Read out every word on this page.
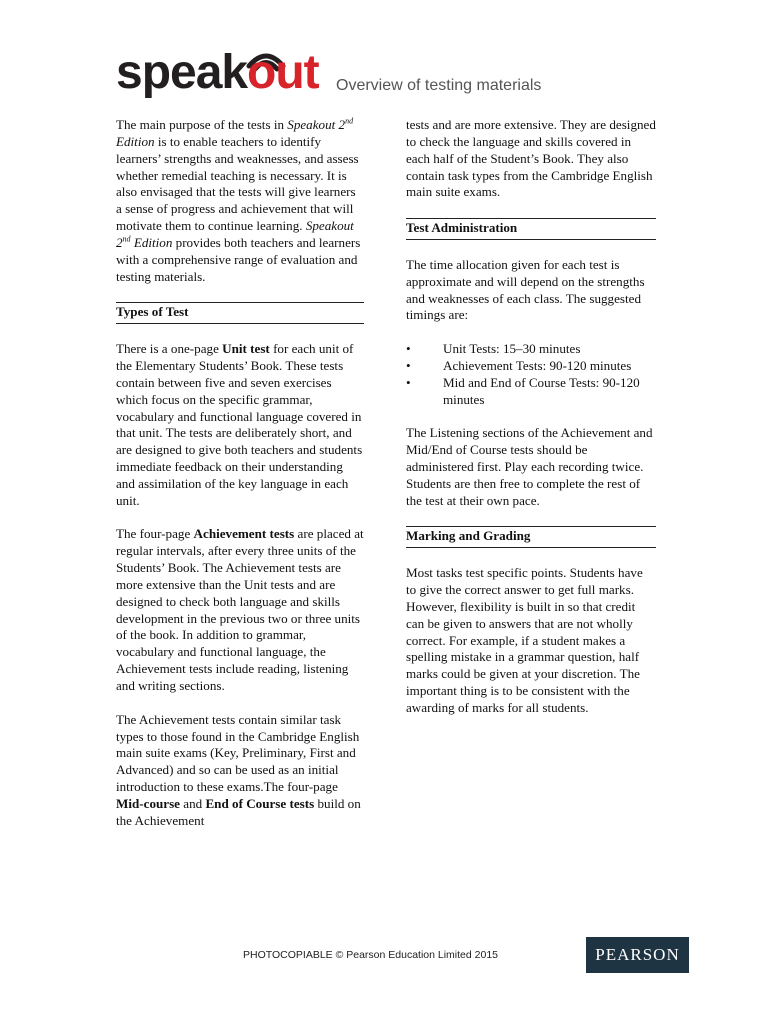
speak out Overview of testing materials

The main purpose of the tests in Speakout 2nd Edition is to enable teachers to identify learners’ strengths and weaknesses, and assess whether remedial teaching is necessary. It is also envisaged that the tests will give learners a sense of progress and achievement that will motivate them to continue learning. Speakout 2nd Edition provides both teachers and learners with a comprehensive range of evaluation and testing materials.

Types of Test

There is a one-page Unit test for each unit of the Elementary Students’ Book. These tests contain between five and seven exercises which focus on the specific grammar, vocabulary and functional language covered in that unit. The tests are deliberately short, and are designed to give both teachers and students immediate feedback on their understanding and assimilation of the key language in each unit.

The four-page Achievement tests are placed at regular intervals, after every three units of the Students’ Book. The Achievement tests are more extensive than the Unit tests and are designed to check both language and skills development in the previous two or three units of the book. In addition to grammar, vocabulary and functional language, the Achievement tests include reading, listening and writing sections.

The Achievement tests contain similar task types to those found in the Cambridge English main suite exams (Key, Preliminary, First and Advanced) and so can be used as an initial introduction to these exams.The four-page Mid-course and End of Course tests build on the Achievement

tests and are more extensive. They are designed to check the language and skills covered in each half of the Student’s Book. They also contain task types from the Cambridge English main suite exams.

Test Administration

The time allocation given for each test is approximate and will depend on the strengths and weaknesses of each class. The suggested timings are:

• Unit Tests: 15–30 minutes
• Achievement Tests: 90-120 minutes
• Mid and End of Course Tests: 90-120 minutes

The Listening sections of the Achievement and Mid/End of Course tests should be administered first. Play each recording twice. Students are then free to complete the rest of the test at their own pace.

Marking and Grading

Most tasks test specific points. Students have to give the correct answer to get full marks. However, flexibility is built in so that credit can be given to answers that are not wholly correct. For example, if a student makes a spelling mistake in a grammar question, half marks could be given at your discretion. The important thing is to be consistent with the awarding of marks for all students.

PHOTOCOPIABLE © Pearson Education Limited 2015	PEARSON
